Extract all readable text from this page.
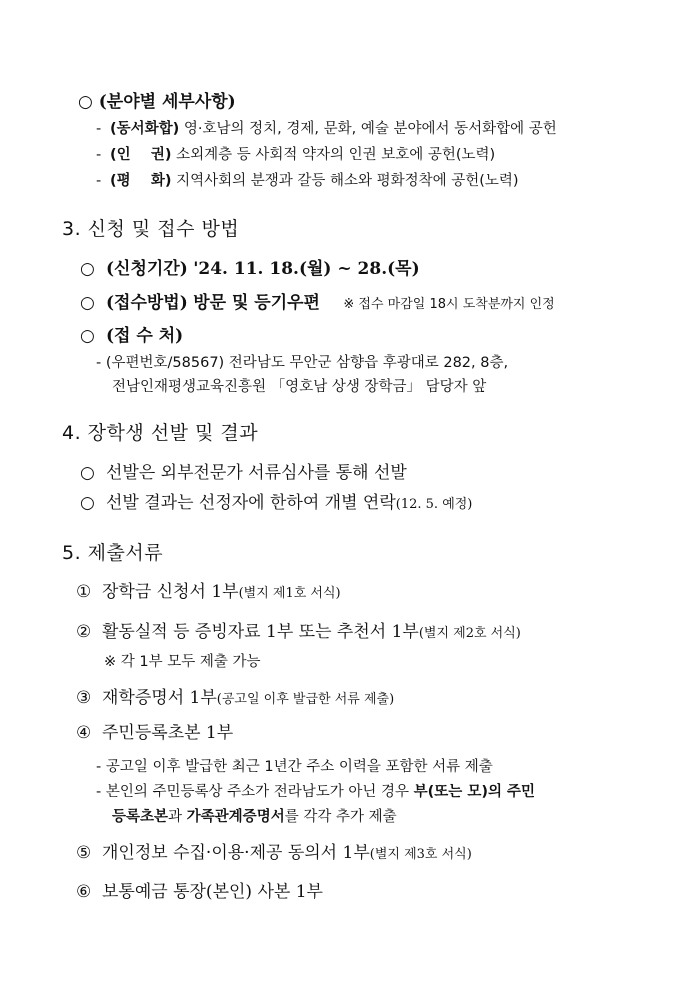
○ (분야별 세부사항)
- (동서화합) 영·호남의 정치, 경제, 문화, 예술 분야에서 동서화합에 공헌
- (인    권) 소외계층 등 사회적 약자의 인권 보호에 공헌(노력)
- (평    화) 지역사회의 분쟁과 갈등 해소와 평화정착에 공헌(노력)
3. 신청 및 접수 방법
○ (신청기간) '24. 11. 18.(월) ~ 28.(목)
○ (접수방법) 방문 및 등기우편 ※ 접수 마감일 18시 도착분까지 인정
○ (접 수 처)
- (우편번호/58567) 전라남도 무안군 삼향읍 후광대로 282, 8층,
전남인재평생교육진흥원 「영호남 상생 장학금」 담당자 앞
4. 장학생 선발 및 결과
○ 선발은 외부전문가 서류심사를 통해 선발
○ 선발 결과는 선정자에 한하여 개별 연락(12. 5. 예정)
5. 제출서류
① 장학금 신청서 1부(별지 제1호 서식)
② 활동실적 등 증빙자료 1부 또는 추천서 1부(별지 제2호 서식)
※ 각 1부 모두 제출 가능
③ 재학증명서 1부(공고일 이후 발급한 서류 제출)
④ 주민등록초본 1부
- 공고일 이후 발급한 최근 1년간 주소 이력을 포함한 서류 제출
- 본인의 주민등록상 주소가 전라남도가 아닌 경우 부(또는 모)의 주민
등록초본과 가족관계증명서를 각각 추가 제출
⑤ 개인정보 수집·이용·제공 동의서 1부(별지 제3호 서식)
⑥ 보통예금 통장(본인) 사본 1부
